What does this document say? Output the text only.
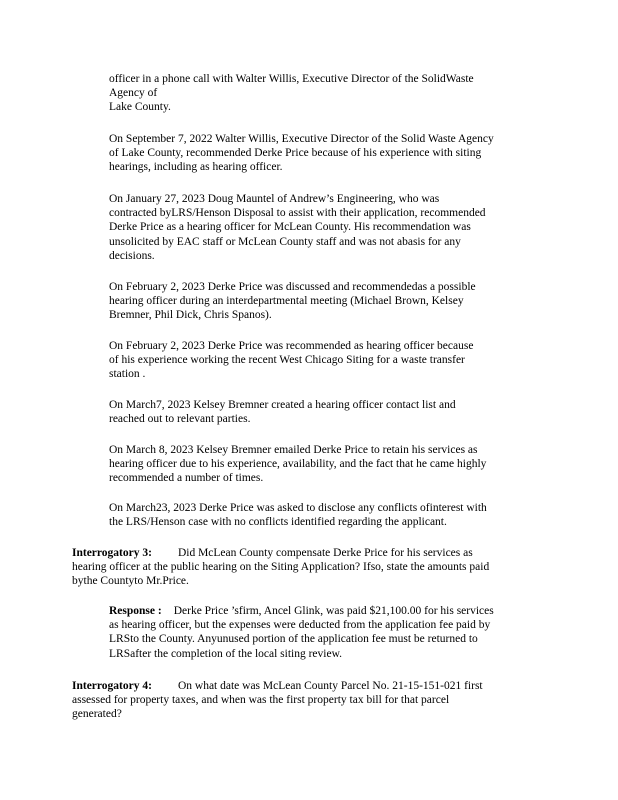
officer in a phone call with Walter Willis, Executive Director of the SolidWaste
Agency of
Lake County.
On September 7, 2022 Walter Willis, Executive Director of the Solid Waste Agency
of Lake County, recommended Derke Price because of his experience with siting
hearings, including as hearing officer.
On January 27, 2023 Doug Mauntel of Andrew’s Engineering, who was
contracted byLRS/Henson Disposal to assist with their application, recommended
Derke Price as a hearing officer for McLean County. His recommendation was
unsolicited by EAC staff or McLean County staff and was not abasis for any
decisions.
On February 2, 2023 Derke Price was discussed and recommendedas a possible
hearing officer during an interdepartmental meeting (Michael Brown, Kelsey
Bremner, Phil Dick, Chris Spanos).
On February 2, 2023 Derke Price was recommended as hearing officer because
of his experience working the recent West Chicago Siting for a waste transfer
station .
On March7, 2023 Kelsey Bremner created a hearing officer contact list and
reached out to relevant parties.
On March 8, 2023 Kelsey Bremner emailed Derke Price to retain his services as
hearing officer due to his experience, availability, and the fact that he came highly
recommended a number of times.
On March23, 2023 Derke Price was asked to disclose any conflicts ofinterest with
the LRS/Henson case with no conflicts identified regarding the applicant.
Interrogatory 3: Did McLean County compensate Derke Price for his services as
hearing officer at the public hearing on the Siting Application? Ifso, state the amounts paid
bythe Countyto Mr.Price.
Response : Derke Price ’sfirm, Ancel Glink, was paid $21,100.00 for his services
as hearing officer, but the expenses were deducted from the application fee paid by
LRSto the County. Anyunused portion of the application fee must be returned to
LRSafter the completion of the local siting review.
Interrogatory 4: On what date was McLean County Parcel No. 21-15-151-021 first
assessed for property taxes, and when was the first property tax bill for that parcel
generated?
